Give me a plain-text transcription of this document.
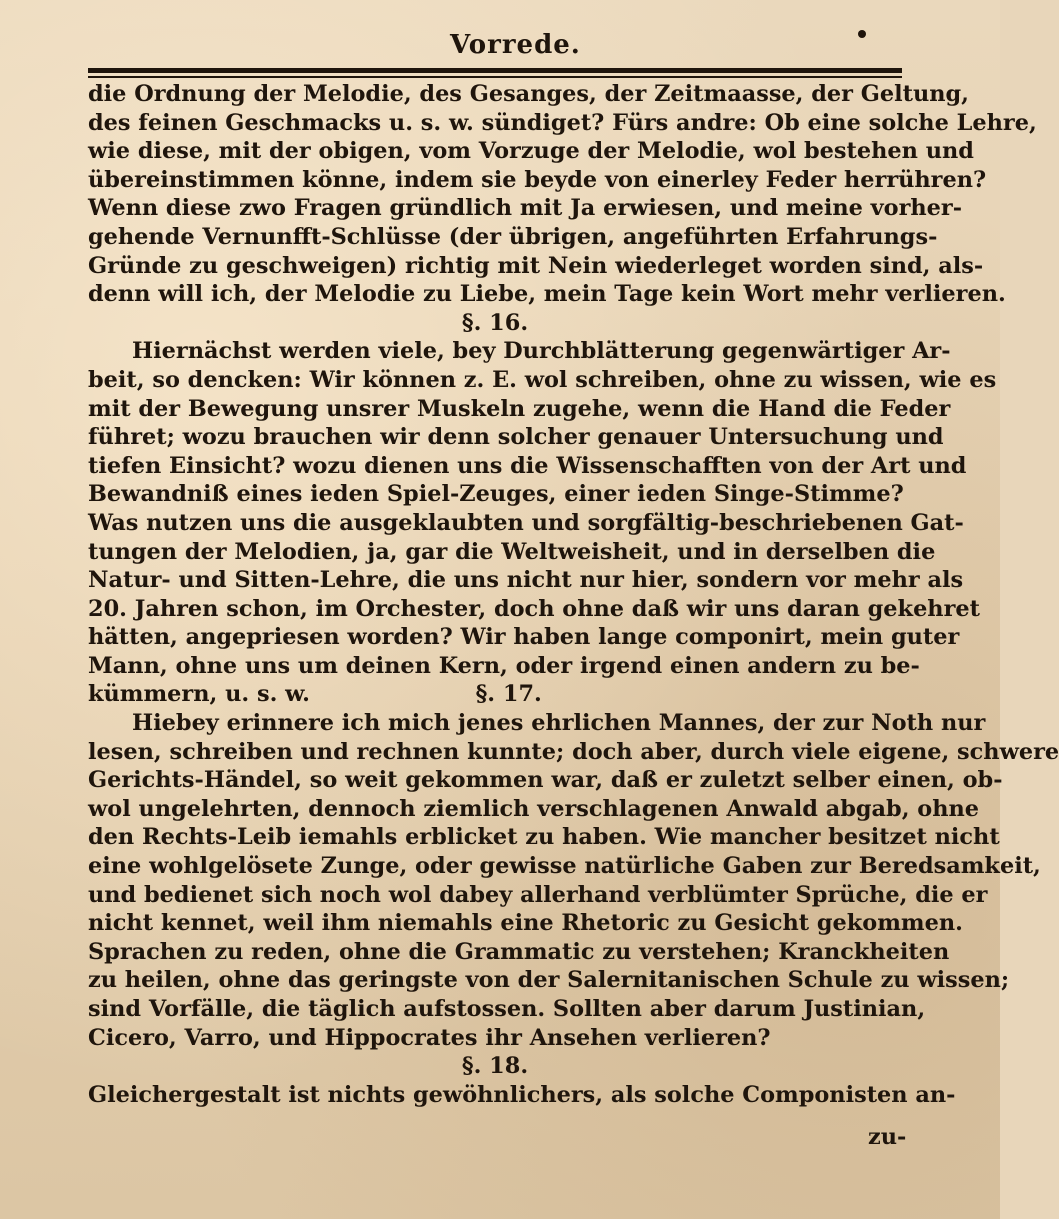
Vorrede.
die Ordnung der Melodie, des Gesanges, der Zeitmaasse, der Geltung,
des feinen Geschmacks u. s. w. sündiget? Fürs andre: Ob eine solche Lehre,
wie diese, mit der obigen, vom Vorzuge der Melodie, wol bestehen und
übereinstimmen könne, indem sie beyde von einerley Feder herrühren?
Wenn diese zwo Fragen gründlich mit Ja erwiesen, und meine vorher-
gehende Vernunfft-Schlüsse (der übrigen, angeführten Erfahrungs-
Gründe zu geschweigen) richtig mit Nein wiederleget worden sind, als-
denn will ich, der Melodie zu Liebe, mein Tage kein Wort mehr verlieren.
§. 16.
Hiernächst werden viele, bey Durchblätterung gegenwärtiger Ar-
beit, so dencken: Wir können z. E. wol schreiben, ohne zu wissen, wie es
mit der Bewegung unsrer Muskeln zugehe, wenn die Hand die Feder
führet; wozu brauchen wir denn solcher genauer Untersuchung und
tiefen Einsicht? wozu dienen uns die Wissenschafften von der Art und
Bewandniß eines ieden Spiel-Zeuges, einer ieden Singe-Stimme?
Was nutzen uns die ausgeklaubten und sorgfältig-beschriebenen Gat-
tungen der Melodien, ja, gar die Weltweisheit, und in derselben die
Natur- und Sitten-Lehre, die uns nicht nur hier, sondern vor mehr als
20. Jahren schon, im Orchester, doch ohne daß wir uns daran gekehret
hätten, angepriesen worden? Wir haben lange componirt, mein guter
Mann, ohne uns um deinen Kern, oder irgend einen andern zu be-
kümmern, u. s. w.	§. 17.
Hiebey erinnere ich mich jenes ehrlichen Mannes, der zur Noth nur
lesen, schreiben und rechnen kunnte; doch aber, durch viele eigene, schwere
Gerichts-Händel, so weit gekommen war, daß er zuletzt selber einen, ob-
wol ungelehrten, dennoch ziemlich verschlagenen Anwald abgab, ohne
den Rechts-Leib iemahls erblicket zu haben. Wie mancher besitzet nicht
eine wohlgelösete Zunge, oder gewisse natürliche Gaben zur Beredsamkeit,
und bedienet sich noch wol dabey allerhand verblümter Sprüche, die er
nicht kennet, weil ihm niemahls eine Rhetoric zu Gesicht gekommen.
Sprachen zu reden, ohne die Grammatic zu verstehen; Kranckheiten
zu heilen, ohne das geringste von der Salernitanischen Schule zu wissen;
sind Vorfälle, die täglich aufstossen. Sollten aber darum Justinian,
Cicero, Varro, und Hippocrates ihr Ansehen verlieren?
§. 18.
Gleichergestalt ist nichts gewöhnlichers, als solche Componisten an-
zu-
